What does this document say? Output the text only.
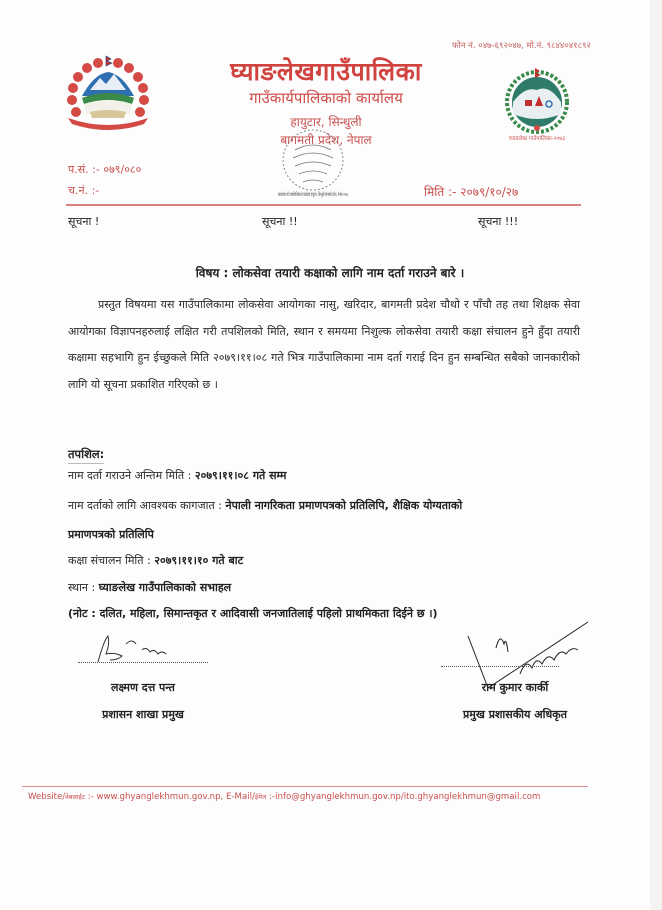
घ्याङलेख गाउँपालिका-२०७३
फोन नं. ०४७-६९२०४७, मो.नं. ९८४४०४१८९२
घ्याङलेखगाउँपालिका
गाउँकार्यपालिकाको कार्यालय
हायुटार, सिन्धुली
बागमती प्रदेश, नेपाल
घ्याङलेख गाउँ कार्यपालिकाको कार्यालय हायुटार, सिन्धुली बागमती प्रदेश, नेपाल २०७३
प.सं. :- ०७९/०८०
च.नं. :-	मिति :- २०७९/१०/२७
सूचना !	सूचना !!	सूचना !!!
विषय : लोकसेवा तयारी कक्षाको लागि नाम दर्ता गराउने बारे ।
प्रस्तुत विषयमा यस गाउँपालिकामा लोकसेवा आयोगका नासु, खरिदार, बागमती प्रदेश चौथो र पाँचौ तह तथा शिक्षक सेवा आयोगका विज्ञापनहरुलाई लक्षित गरी तपशिलको मिति, स्थान र समयमा निशुल्क लोकसेवा तयारी कक्षा संचालन हुने हुँदा तयारी कक्षामा सहभागि हुन ईच्छुकले मिति २०७९।११।०८ गते भित्र गाउँपालिकामा नाम दर्ता गराई दिन हुन सम्बन्धित सबैको जानकारीको लागि यो सूचना प्रकाशित गरिएको छ ।
तपशिल:
नाम दर्ता गराउने अन्तिम मिति : २०७९।११।०८ गते सम्म
नाम दर्ताको लागि आवश्यक कागजात : नेपाली नागरिकता प्रमाणपत्रको प्रतिलिपि, शैक्षिक योग्यताको
प्रमाणपत्रको प्रतिलिपि
कक्षा संचालन मिति : २०७९।११।१० गते बाट
स्थान : घ्याङलेख गाउँपालिकाको सभाहल
(नोट : दलित, महिला, सिमान्तकृत र आदिवासी जनजातिलाई पहिलो प्राथमिकता दिईने छ ।)
लक्ष्मण दत्त पन्त
प्रशासन शाखा प्रमुख
राम कुमार कार्की
प्रमुख प्रशासकीय अधिकृत
Website/वेबसाईट :- www.ghyanglekhmun.gov.np, E-Mail/ईमेल :-info@ghyanglekhmun.gov.np/ito.ghyanglekhmun@gmail.com
